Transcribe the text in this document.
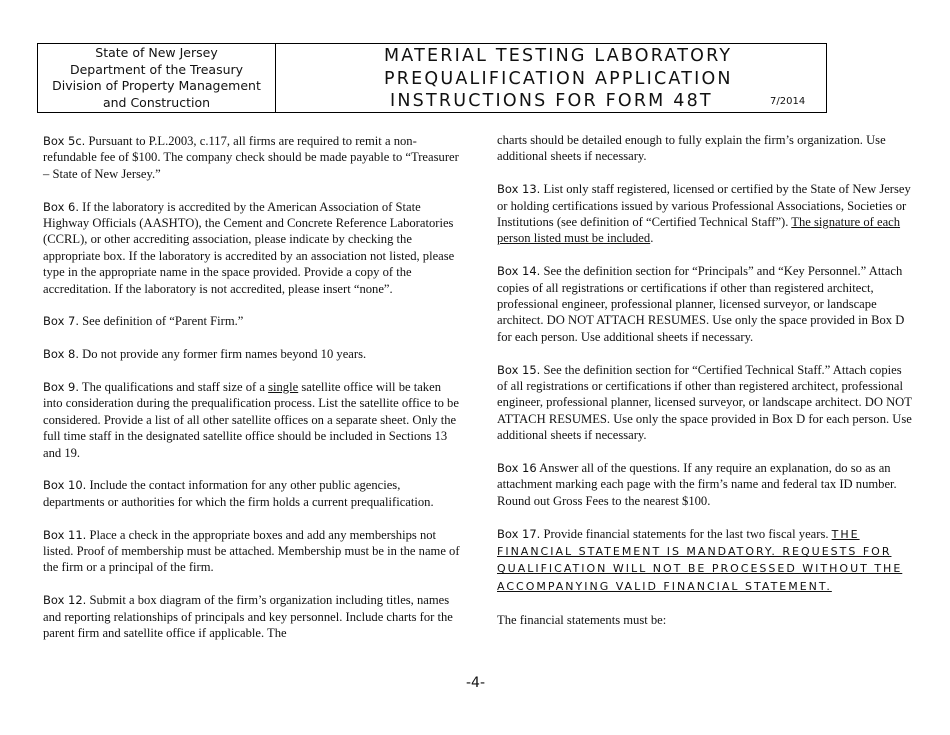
State of New Jersey
Department of the Treasury
Division of Property Management
and Construction
MATERIAL TESTING LABORATORY
PREQUALIFICATION APPLICATION
INSTRUCTIONS FOR FORM 48T	7/2014

Box 5c. Pursuant to P.L.2003, c.117, all firms are required to remit a non-refundable fee of $100. The company check should be made payable to “Treasurer – State of New Jersey.”

Box 6. If the laboratory is accredited by the American Association of State Highway Officials (AASHTO), the Cement and Concrete Reference Laboratories (CCRL), or other accrediting association, please indicate by checking the appropriate box. If the laboratory is accredited by an association not listed, please type in the appropriate name in the space provided. Provide a copy of the accreditation. If the laboratory is not accredited, please insert “none”.

Box 7. See definition of “Parent Firm.”

Box 8. Do not provide any former firm names beyond 10 years.

Box 9. The qualifications and staff size of a single satellite office will be taken into consideration during the prequalification process. List the satellite office to be considered. Provide a list of all other satellite offices on a separate sheet. Only the full time staff in the designated satellite office should be included in Sections 13 and 19.

Box 10. Include the contact information for any other public agencies, departments or authorities for which the firm holds a current prequalification.

Box 11. Place a check in the appropriate boxes and add any memberships not listed. Proof of membership must be attached. Membership must be in the name of the firm or a principal of the firm.

Box 12. Submit a box diagram of the firm’s organization including titles, names and reporting relationships of principals and key personnel. Include charts for the parent firm and satellite office if applicable. The

charts should be detailed enough to fully explain the firm’s organization. Use additional sheets if necessary.

Box 13. List only staff registered, licensed or certified by the State of New Jersey or holding certifications issued by various Professional Associations, Societies or Institutions (see definition of “Certified Technical Staff”). The signature of each person listed must be included.

Box 14. See the definition section for “Principals” and “Key Personnel.” Attach copies of all registrations or certifications if other than registered architect, professional engineer, professional planner, licensed surveyor, or landscape architect. DO NOT ATTACH RESUMES. Use only the space provided in Box D for each person. Use additional sheets if necessary.

Box 15. See the definition section for “Certified Technical Staff.” Attach copies of all registrations or certifications if other than registered architect, professional engineer, professional planner, licensed surveyor, or landscape architect. DO NOT ATTACH RESUMES. Use only the space provided in Box D for each person. Use additional sheets if necessary.

Box 16 Answer all of the questions. If any require an explanation, do so as an attachment marking each page with the firm’s name and federal tax ID number. Round out Gross Fees to the nearest $100.

Box 17. Provide financial statements for the last two fiscal years. THE FINANCIAL STATEMENT IS MANDATORY. REQUESTS FOR QUALIFICATION WILL NOT BE PROCESSED WITHOUT THE ACCOMPANYING VALID FINANCIAL STATEMENT.

The financial statements must be:

-4-
